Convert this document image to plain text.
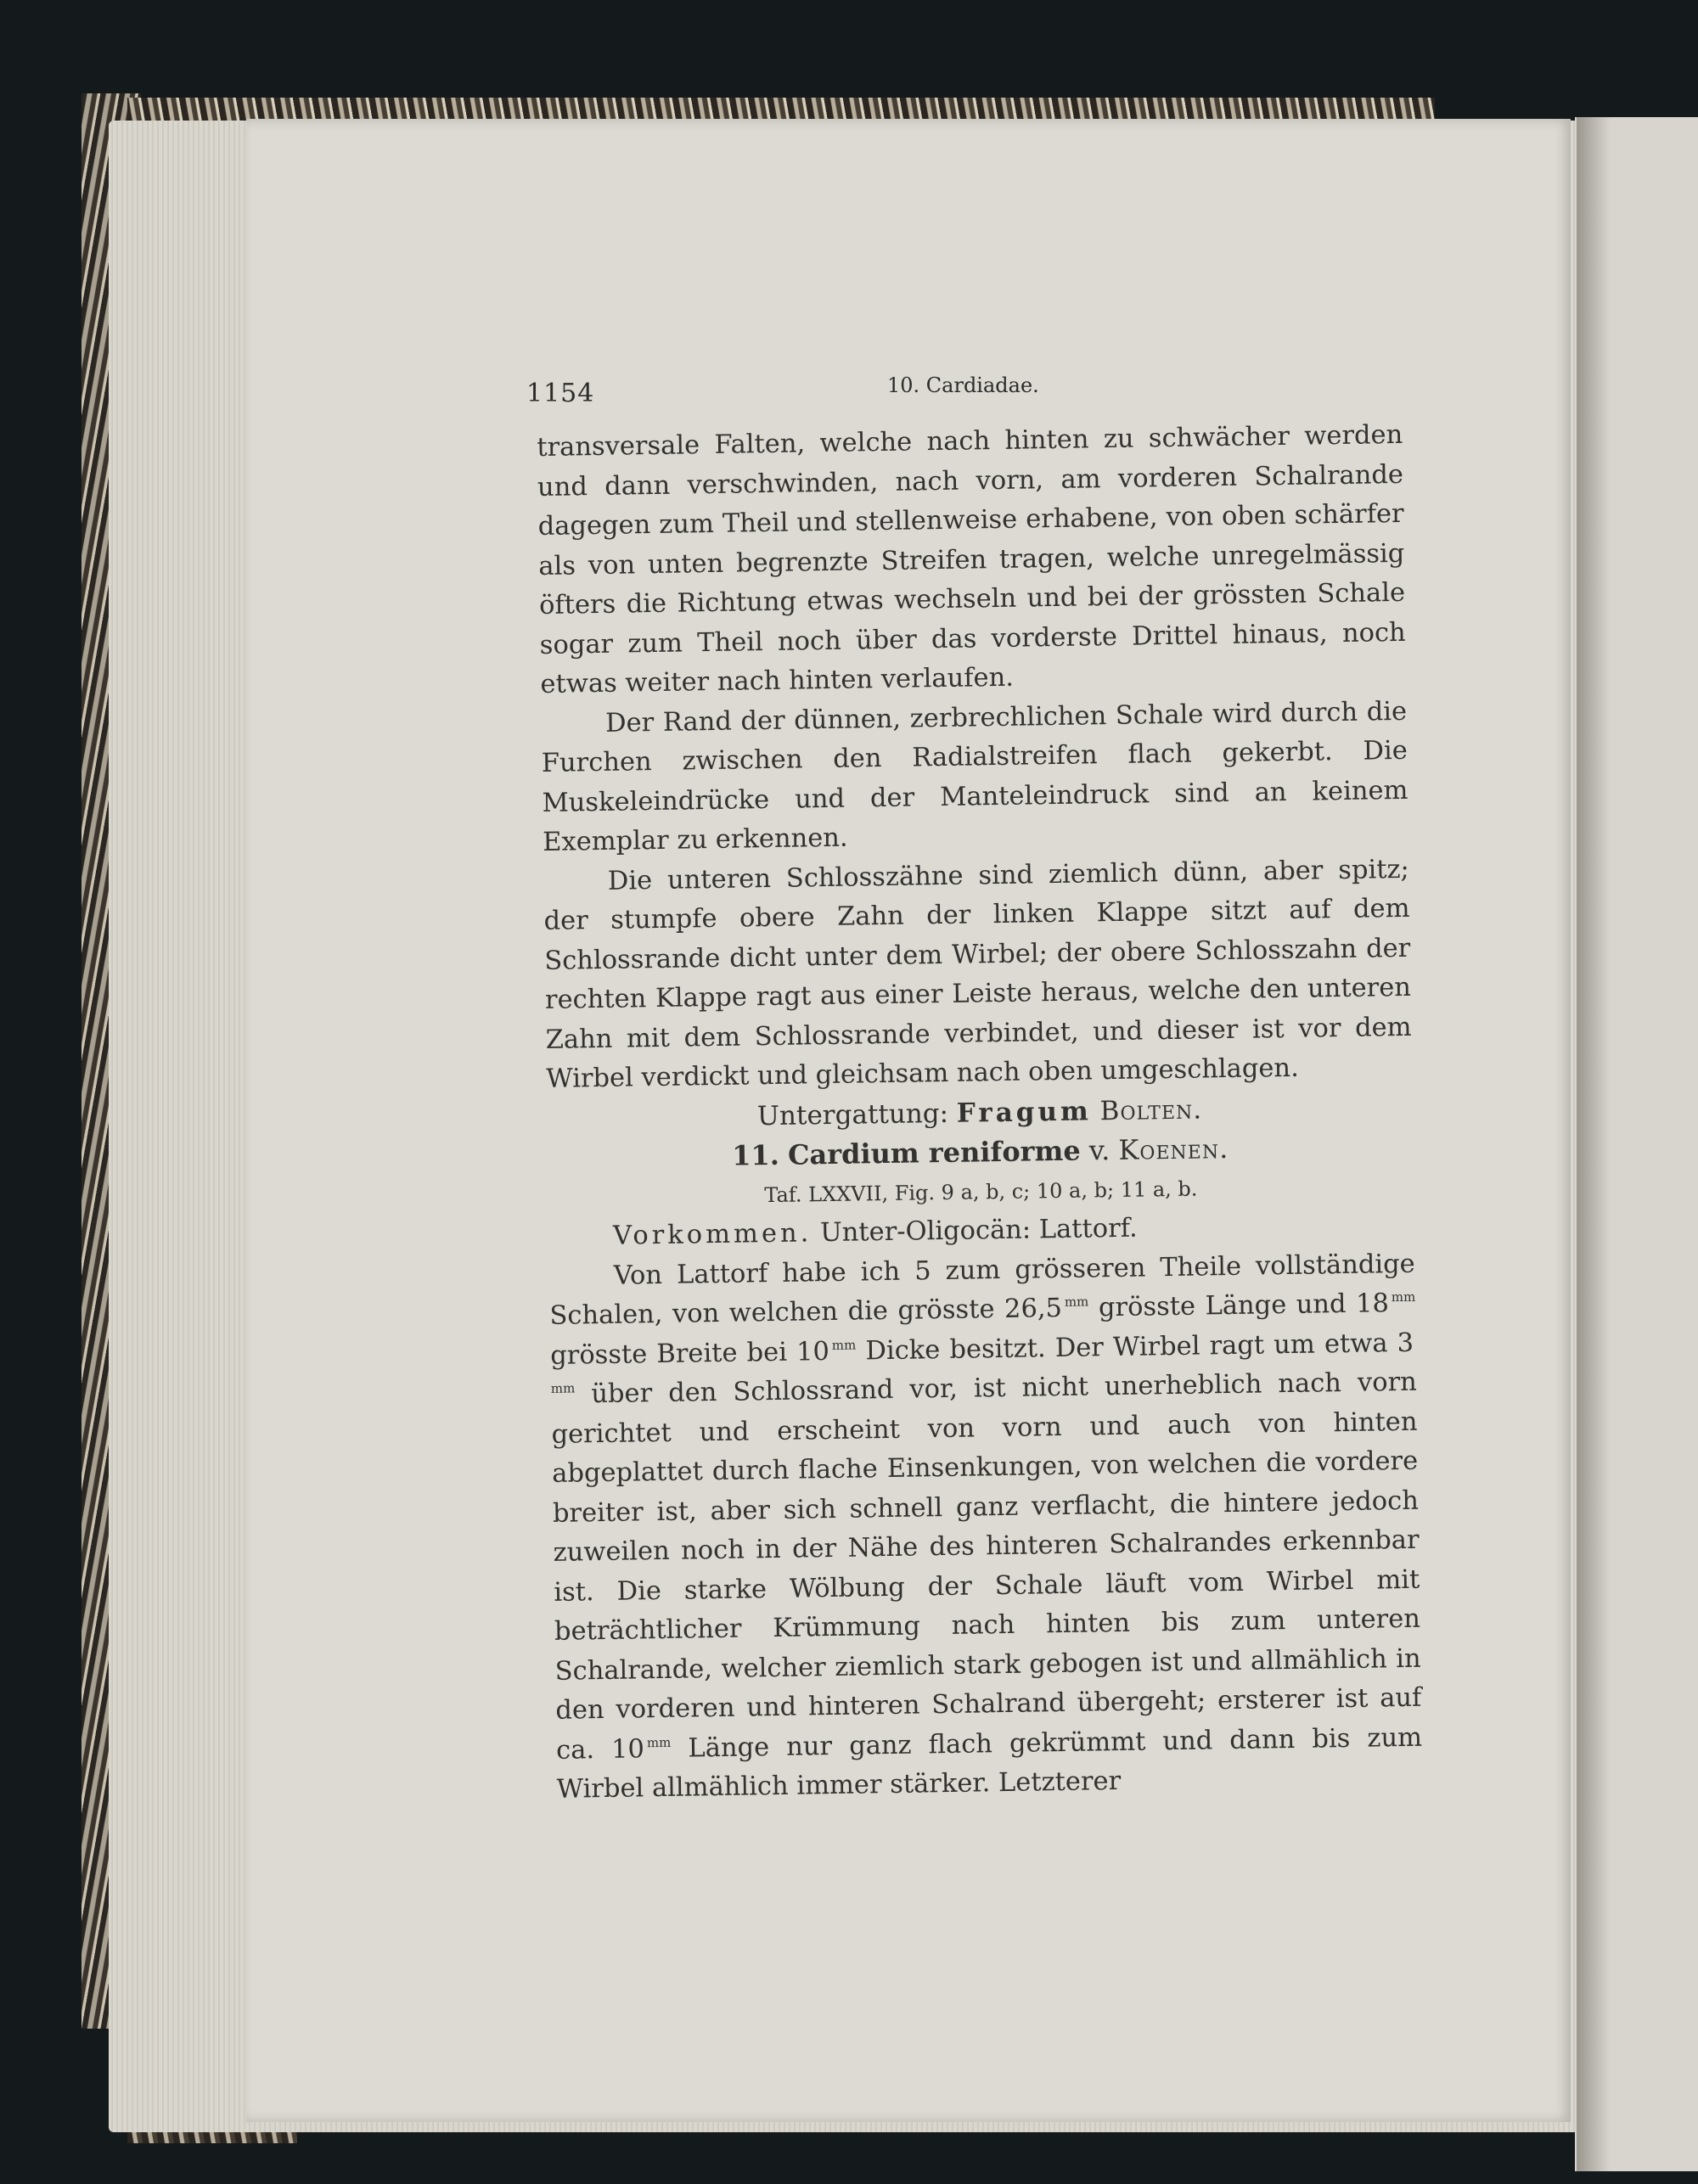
1154	10. Cardiadae.

transversale Falten, welche nach hinten zu schwächer werden und dann verschwinden, nach vorn, am vorderen Schalrande dagegen zum Theil und stellenweise erhabene, von oben schärfer als von unten begrenzte Streifen tragen, welche unregelmässig öfters die Richtung etwas wechseln und bei der grössten Schale sogar zum Theil noch über das vorderste Drittel hinaus, noch etwas weiter nach hinten verlaufen.

Der Rand der dünnen, zerbrechlichen Schale wird durch die Furchen zwischen den Radialstreifen flach gekerbt. Die Muskeleindrücke und der Manteleindruck sind an keinem Exemplar zu erkennen.

Die unteren Schlosszähne sind ziemlich dünn, aber spitz; der stumpfe obere Zahn der linken Klappe sitzt auf dem Schlossrande dicht unter dem Wirbel; der obere Schlosszahn der rechten Klappe ragt aus einer Leiste heraus, welche den unteren Zahn mit dem Schlossrande verbindet, und dieser ist vor dem Wirbel verdickt und gleichsam nach oben umgeschlagen.

Untergattung: Fragum Bolten.

11. Cardium reniforme v. Koenen.

Taf. LXXVII, Fig. 9 a, b, c; 10 a, b; 11 a, b.

Vorkommen. Unter-Oligocän: Lattorf.

Von Lattorf habe ich 5 zum grösseren Theile vollständige Schalen, von welchen die grösste 26,5  $^{mm}$ grösste Länge und 18  $^{mm}$ grösste Breite bei 10  $^{mm}$ Dicke besitzt. Der Wirbel ragt um etwa 3 $^{mm}$ über den Schlossrand vor, ist nicht unerheblich nach vorn gerichtet und erscheint von vorn und auch von hinten abgeplattet durch flache Einsenkungen, von welchen die vordere breiter ist, aber sich schnell ganz verflacht, die hintere jedoch zuweilen noch in der Nähe des hinteren Schalrandes erkennbar ist. Die starke Wölbung der Schale läuft vom Wirbel mit beträchtlicher Krümmung nach hinten bis zum unteren Schalrande, welcher ziemlich stark gebogen ist und allmählich in den vorderen und hinteren Schalrand übergeht; ersterer ist auf ca. 10  $^{mm}$ Länge nur ganz flach gekrümmt und dann bis zum Wirbel allmählich immer stärker. Letzterer
